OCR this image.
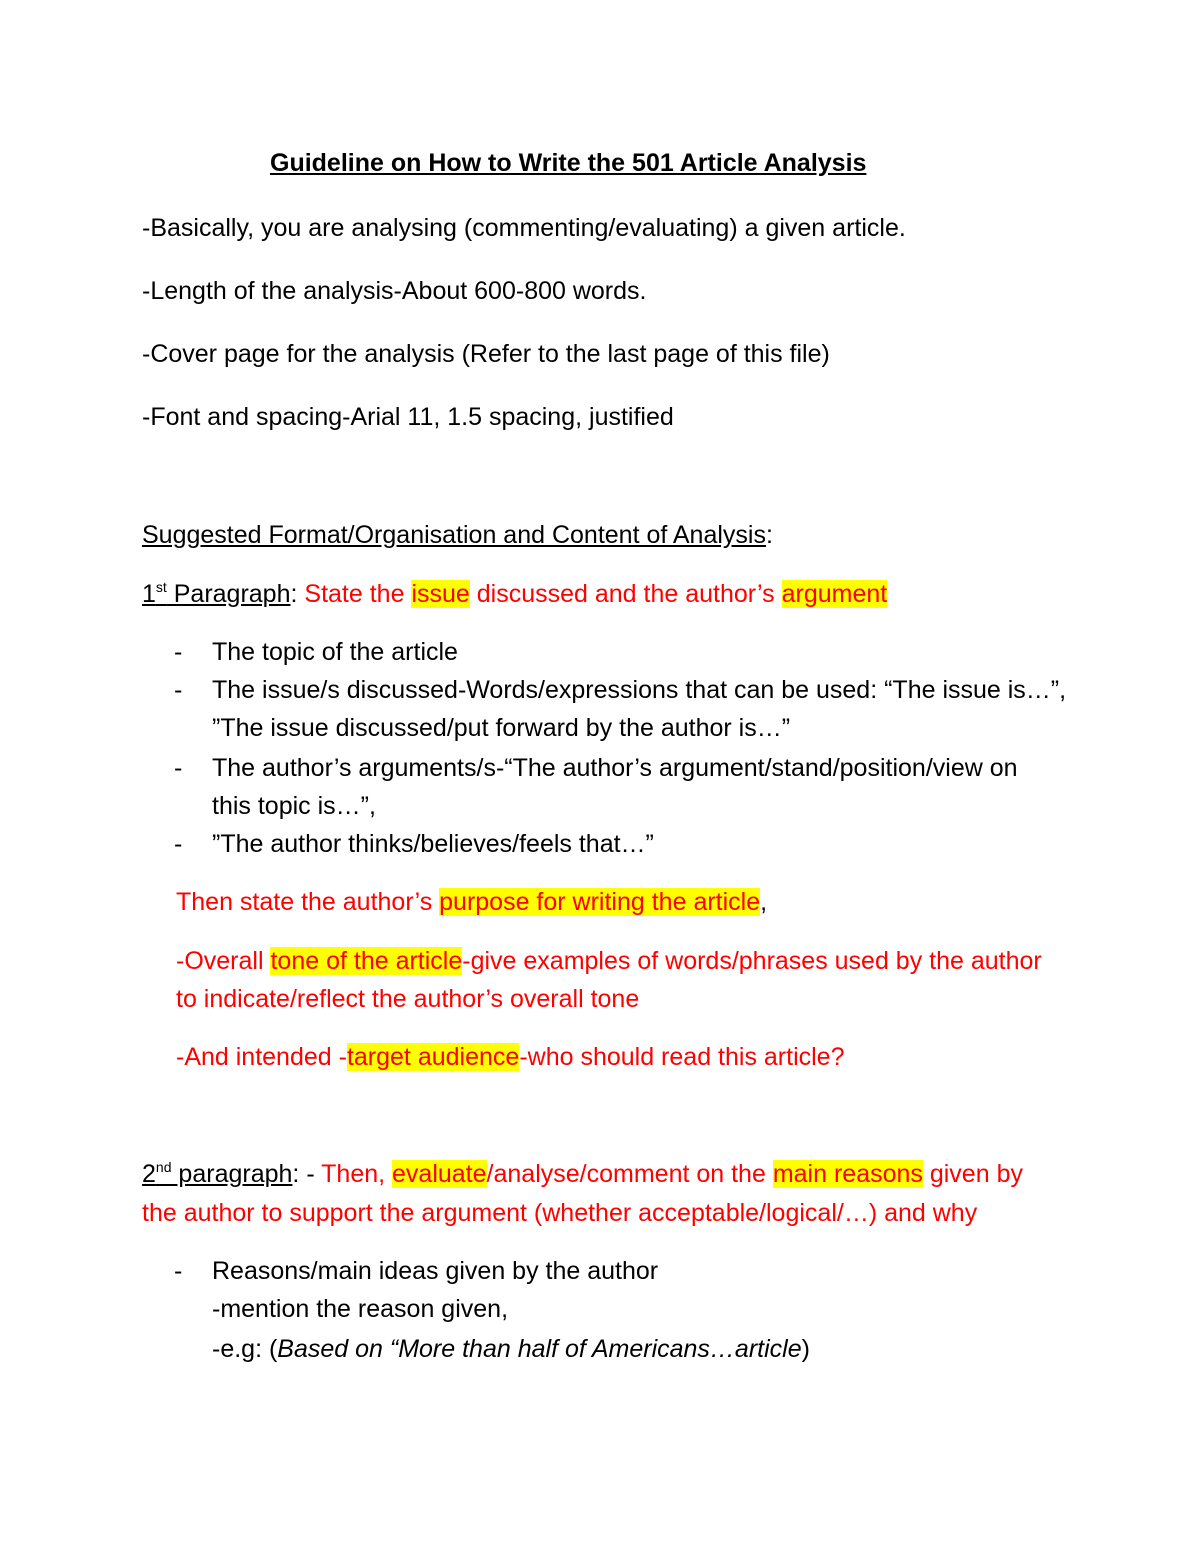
Guideline on How to Write the 501 Article Analysis
-Basically, you are analysing (commenting/evaluating) a given article.
-Length of the analysis-About 600-800 words.
-Cover page for the analysis (Refer to the last page of this file)
-Font and spacing-Arial 11, 1.5 spacing, justified
Suggested Format/Organisation and Content of Analysis:
1st Paragraph: State the issue discussed and the author’s argument
- The topic of the article
- The issue/s discussed-Words/expressions that can be used: “The issue is…”,
”The issue discussed/put forward by the author is…”
- The author’s arguments/s-“The author’s argument/stand/position/view on
this topic is…”,
- ”The author thinks/believes/feels that…”
Then state the author’s purpose for writing the article,
-Overall tone of the article-give examples of words/phrases used by the author
to indicate/reflect the author’s overall tone
-And intended -target audience-who should read this article?
2nd paragraph: - Then, evaluate/analyse/comment on the main reasons given by
the author to support the argument (whether acceptable/logical/…) and why
- Reasons/main ideas given by the author
-mention the reason given,
-e.g: (Based on “More than half of Americans…article)
